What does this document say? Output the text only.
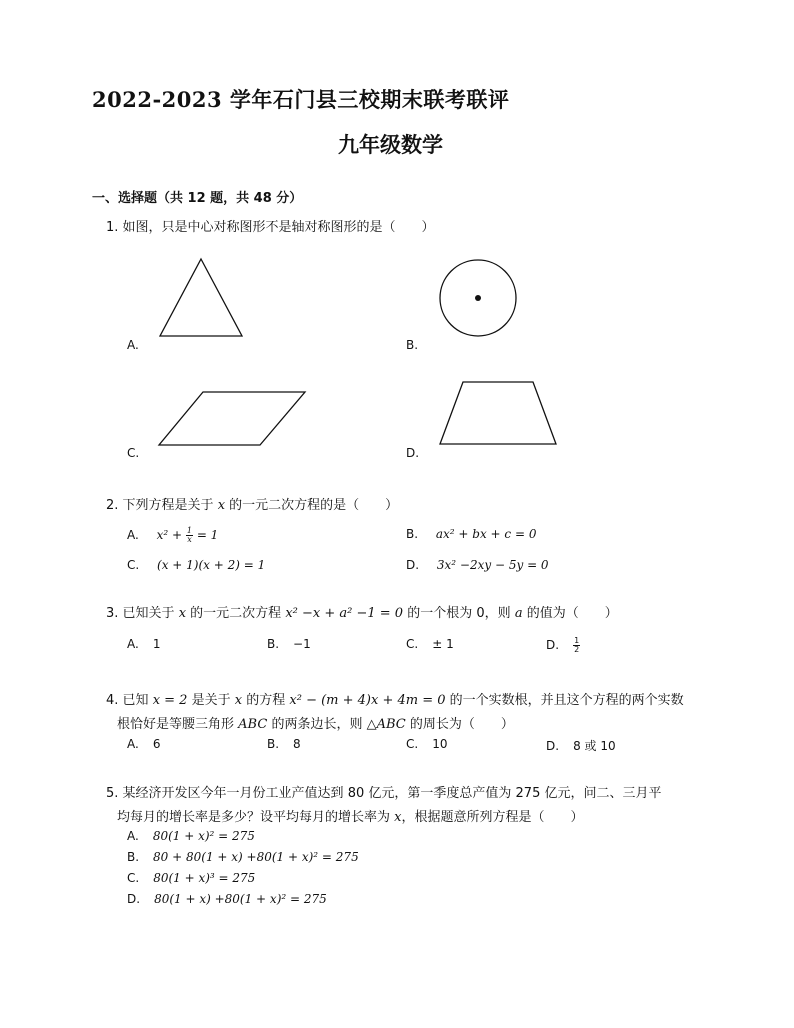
2022-2023 学年石门县三校期末联考联评
九年级数学
一、选择题（共 12 题，共 48 分）
1. 如图，只是中心对称图形不是轴对称图形的是（　　）
A.	B.
C.	D.
2. 下列方程是关于 x 的一元二次方程的是（　　）
A. $x^2 + \frac{1}{x} = 1$	B. ax² + bx + c = 0
C. (x + 1)(x + 2) = 1	D. 3x² −2xy − 5y = 0
3. 已知关于 x 的一元二次方程 x² −x + a² −1 = 0 的一个根为 0，则 a 的值为（　　）
A. 1	B. −1	C. ± 1	D. $\frac{1}{2}$
4. 已知 x = 2 是关于 x 的方程 x² − (m + 4)x + 4m = 0 的一个实数根，并且这个方程的两个实数
根恰好是等腰三角形 ABC 的两条边长，则 △ABC 的周长为（　　）
A. 6	B. 8	C. 10	D. 8 或 10
5. 某经济开发区今年一月份工业产值达到 80 亿元，第一季度总产值为 275 亿元，问二、三月平
均每月的增长率是多少？设平均每月的增长率为 x，根据题意所列方程是（　　）
A. 80(1 + x)² = 275
B. 80 + 80(1 + x) +80(1 + x)² = 275
C. 80(1 + x)³ = 275
D. 80(1 + x) +80(1 + x)² = 275
